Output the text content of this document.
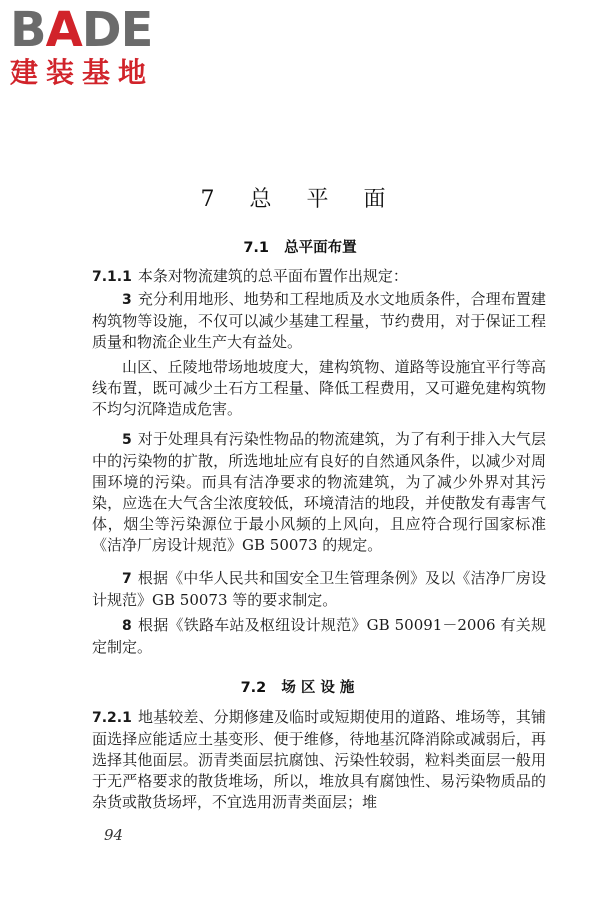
BADE
建装基地
7 总 平 面
7.1 总平面布置
7.1.1 本条对物流建筑的总平面布置作出规定：
3 充分利用地形、地势和工程地质及水文地质条件，合理布置建构筑物等设施，不仅可以减少基建工程量，节约费用，对于保证工程质量和物流企业生产大有益处。
山区、丘陵地带场地坡度大，建构筑物、道路等设施宜平行等高线布置，既可减少土石方工程量、降低工程费用，又可避免建构筑物不均匀沉降造成危害。
5 对于处理具有污染性物品的物流建筑，为了有利于排入大气层中的污染物的扩散，所选地址应有良好的自然通风条件，以减少对周围环境的污染。而具有洁净要求的物流建筑，为了减少外界对其污染，应选在大气含尘浓度较低，环境清洁的地段，并使散发有毒害气体，烟尘等污染源位于最小风频的上风向，且应符合现行国家标准《洁净厂房设计规范》GB 50073 的规定。
7 根据《中华人民共和国安全卫生管理条例》及以《洁净厂房设计规范》GB 50073 等的要求制定。
8 根据《铁路车站及枢纽设计规范》GB 50091－2006 有关规定制定。
7.2 场区设施
7.2.1 地基较差、分期修建及临时或短期使用的道路、堆场等，其铺面选择应能适应土基变形、便于维修，待地基沉降消除或减弱后，再选择其他面层。沥青类面层抗腐蚀、污染性较弱，粒料类面层一般用于无严格要求的散货堆场，所以，堆放具有腐蚀性、易污染物质品的杂货或散货场坪，不宜选用沥青类面层；堆
94
